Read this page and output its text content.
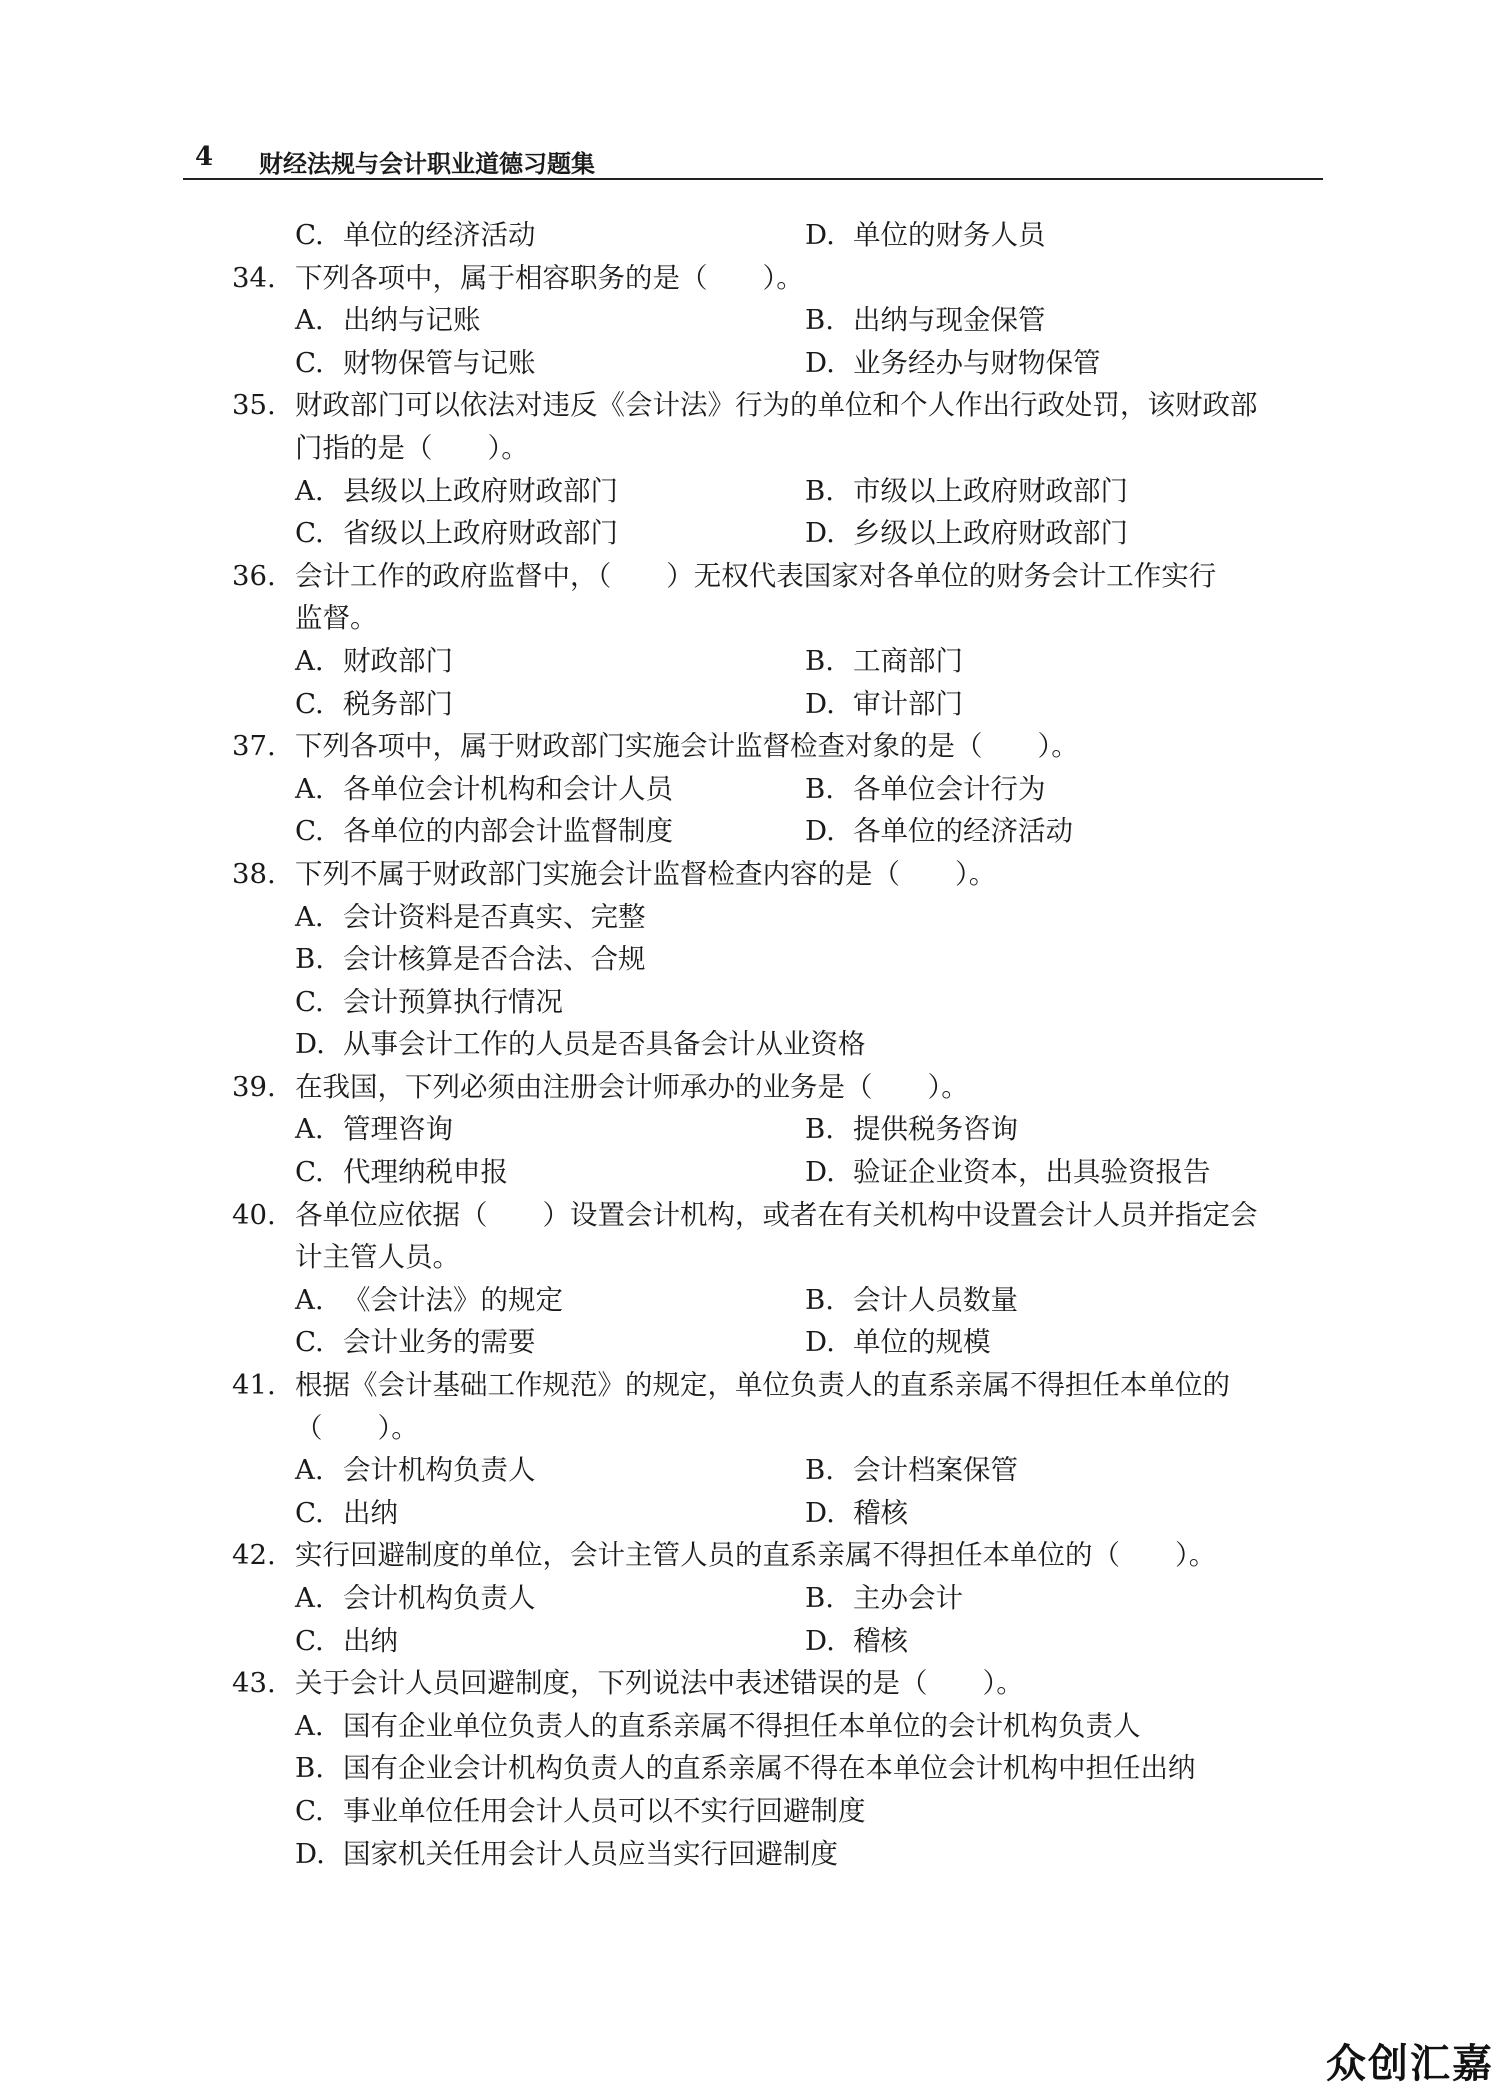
4 财经法规与会计职业道德习题集
C. 单位的经济活动	D. 单位的财务人员
34. 下列各项中，属于相容职务的是（　　）。
A. 出纳与记账	B. 出纳与现金保管
C. 财物保管与记账	D. 业务经办与财物保管
35. 财政部门可以依法对违反《会计法》行为的单位和个人作出行政处罚，该财政部
门指的是（　　）。
A. 县级以上政府财政部门	B. 市级以上政府财政部门
C. 省级以上政府财政部门	D. 乡级以上政府财政部门
36. 会计工作的政府监督中，（　　）无权代表国家对各单位的财务会计工作实行
监督。
A. 财政部门	B. 工商部门
C. 税务部门	D. 审计部门
37. 下列各项中，属于财政部门实施会计监督检查对象的是（　　）。
A. 各单位会计机构和会计人员	B. 各单位会计行为
C. 各单位的内部会计监督制度	D. 各单位的经济活动
38. 下列不属于财政部门实施会计监督检查内容的是（　　）。
A. 会计资料是否真实、完整
B. 会计核算是否合法、合规
C. 会计预算执行情况
D. 从事会计工作的人员是否具备会计从业资格
39. 在我国，下列必须由注册会计师承办的业务是（　　）。
A. 管理咨询	B. 提供税务咨询
C. 代理纳税申报	D. 验证企业资本，出具验资报告
40. 各单位应依据（　　）设置会计机构，或者在有关机构中设置会计人员并指定会
计主管人员。
A. 《会计法》的规定	B. 会计人员数量
C. 会计业务的需要	D. 单位的规模
41. 根据《会计基础工作规范》的规定，单位负责人的直系亲属不得担任本单位的
（　　）。
A. 会计机构负责人	B. 会计档案保管
C. 出纳	D. 稽核
42. 实行回避制度的单位，会计主管人员的直系亲属不得担任本单位的（　　）。
A. 会计机构负责人	B. 主办会计
C. 出纳	D. 稽核
43. 关于会计人员回避制度，下列说法中表述错误的是（　　）。
A. 国有企业单位负责人的直系亲属不得担任本单位的会计机构负责人
B. 国有企业会计机构负责人的直系亲属不得在本单位会计机构中担任出纳
C. 事业单位任用会计人员可以不实行回避制度
D. 国家机关任用会计人员应当实行回避制度
众创汇嘉
